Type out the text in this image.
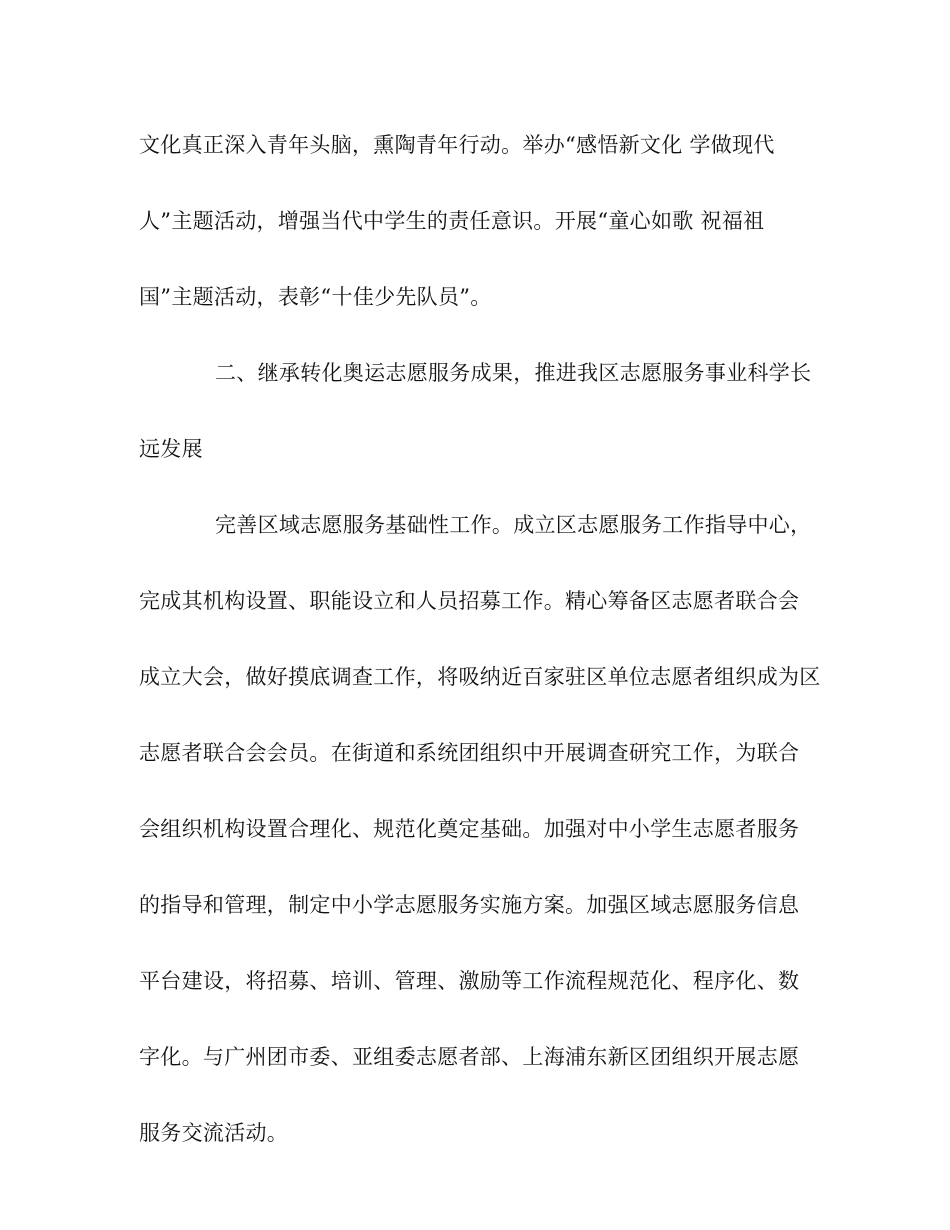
文化真正深入青年头脑，熏陶青年行动。举办“感悟新文化 学做现代
人”主题活动，增强当代中学生的责任意识。开展“童心如歌 祝福祖
国”主题活动，表彰“十佳少先队员”。
二、继承转化奥运志愿服务成果，推进我区志愿服务事业科学长
远发展
完善区域志愿服务基础性工作。成立区志愿服务工作指导中心，
完成其机构设置、职能设立和人员招募工作。精心筹备区志愿者联合会
成立大会，做好摸底调查工作，将吸纳近百家驻区单位志愿者组织成为区
志愿者联合会会员。在街道和系统团组织中开展调查研究工作，为联合
会组织机构设置合理化、规范化奠定基础。加强对中小学生志愿者服务
的指导和管理，制定中小学志愿服务实施方案。加强区域志愿服务信息
平台建设，将招募、培训、管理、激励等工作流程规范化、程序化、数
字化。与广州团市委、亚组委志愿者部、上海浦东新区团组织开展志愿
服务交流活动。
